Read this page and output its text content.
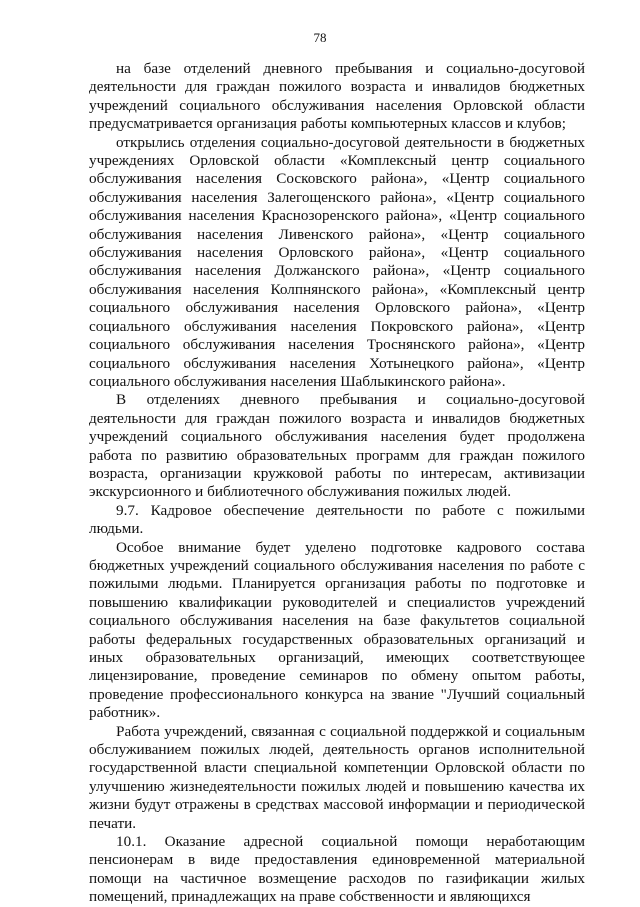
78

на базе отделений дневного пребывания и социально-досуговой деятельности для граждан пожилого возраста и инвалидов бюджетных учреждений социального обслуживания населения Орловской области предусматривается организация работы компьютерных классов и клубов;

открылись отделения социально-досуговой деятельности в бюджетных учреждениях Орловской области «Комплексный центр социального обслуживания населения Сосковского района», «Центр социального обслуживания населения Залегощенского района», «Центр социального обслуживания населения Краснозоренского района», «Центр социального обслуживания населения Ливенского района», «Центр социального обслуживания населения Орловского района», «Центр социального обслуживания населения Должанского района», «Центр социального обслуживания населения Колпнянского района», «Комплексный центр социального обслуживания населения Орловского района», «Центр социального обслуживания населения Покровского района», «Центр социального обслуживания населения Троснянского района», «Центр социального обслуживания населения Хотынецкого района», «Центр социального обслуживания населения Шаблыкинского района».

В отделениях дневного пребывания и социально-досуговой деятельности для граждан пожилого возраста и инвалидов бюджетных учреждений социального обслуживания населения будет продолжена работа по развитию образовательных программ для граждан пожилого возраста, организации кружковой работы по интересам, активизации экскурсионного и библиотечного обслуживания пожилых людей.

9.7. Кадровое обеспечение деятельности по работе с пожилыми людьми.

Особое внимание будет уделено подготовке кадрового состава бюджетных учреждений социального обслуживания населения по работе с пожилыми людьми. Планируется организация работы по подготовке и повышению квалификации руководителей и специалистов учреждений социального обслуживания населения на базе факультетов социальной работы федеральных государственных образовательных организаций и иных образовательных организаций, имеющих соответствующее лицензирование, проведение семинаров по обмену опытом работы, проведение профессионального конкурса на звание "Лучший социальный работник».

Работа учреждений, связанная с социальной поддержкой и социальным обслуживанием пожилых людей, деятельность органов исполнительной государственной власти специальной компетенции Орловской области по улучшению жизнедеятельности пожилых людей и повышению качества их жизни будут отражены в средствах массовой информации и периодической печати.

10.1. Оказание адресной социальной помощи неработающим пенсионерам в виде предоставления единовременной материальной помощи на частичное возмещение расходов по газификации жилых помещений, принадлежащих на праве собственности и являющихся
